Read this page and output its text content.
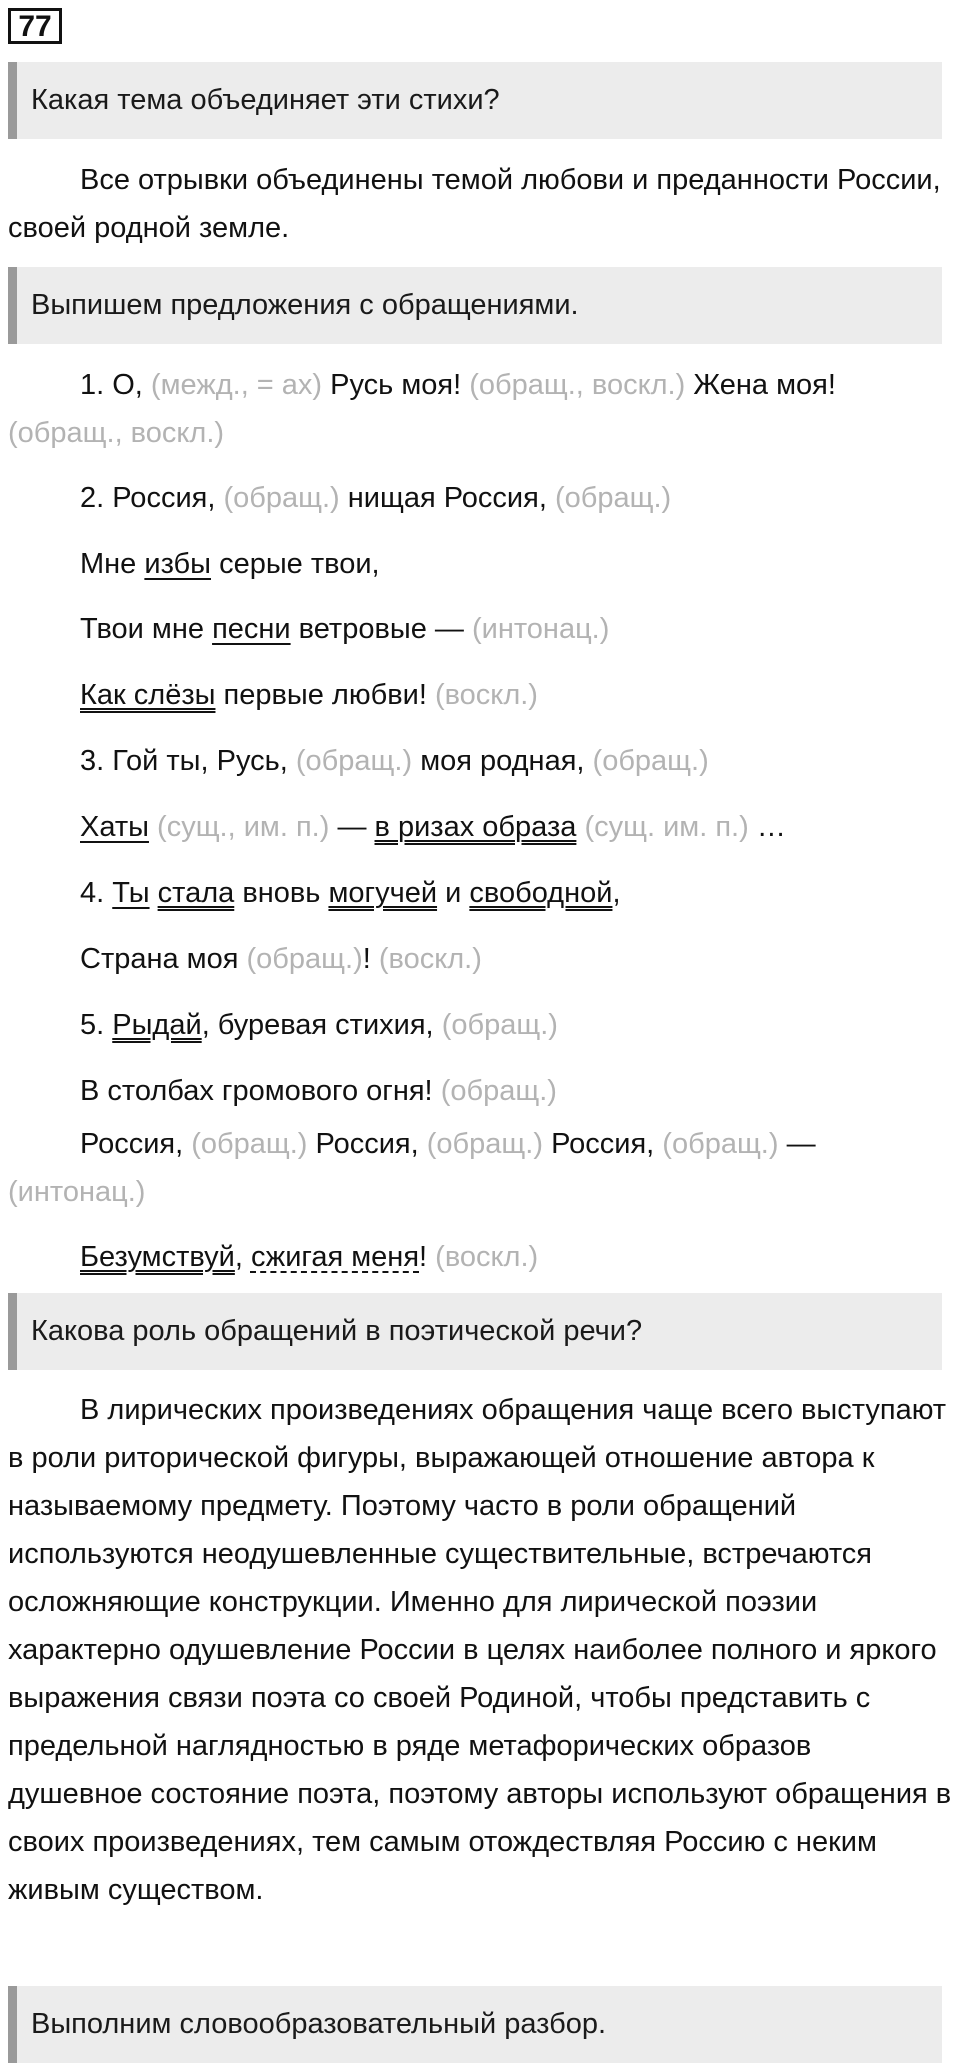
77
Какая тема объединяет эти стихи?

Все отрывки объединены темой любови и преданности России, своей родной земле.

Выпишем предложения с обращениями.
1. О, (межд., = ах) Русь моя! (обращ., воскл.) Жена моя! (обращ., воскл.)
2. Россия, (обращ.) нищая Россия, (обращ.)
Мне избы серые твои,
Твои мне песни ветровые — (интонац.)
Как слёзы первые любви! (воскл.)
3. Гой ты, Русь, (обращ.) моя родная, (обращ.)
Хаты (сущ., им. п.) — в ризах образа (сущ. им. п.) …
4. Ты стала вновь могучей и свободной,
Страна моя (обращ.)! (воскл.)
5. Рыдай, буревая стихия, (обращ.)
В столбах громового огня! (обращ.)
Россия, (обращ.) Россия, (обращ.) Россия, (обращ.) — (интонац.)
Безумствуй, сжигая меня! (воскл.)
Какова роль обращений в поэтической речи?

В лирических произведениях обращения чаще всего выступают в роли риторической фигуры, выражающей отношение автора к называемому предмету. Поэтому часто в роли обращений используются неодушевленные существительные, встречаются осложняющие конструкции. Именно для лирической поэзии характерно одушевление России в целях наиболее полного и яркого выражения связи поэта со своей Родиной, чтобы представить с предельной наглядностью в ряде метафорических образов душевное состояние поэта, поэтому авторы используют обращения в своих произведениях, тем самым отождествляя Россию с неким живым существом.

Выполним словообразовательный разбор.
